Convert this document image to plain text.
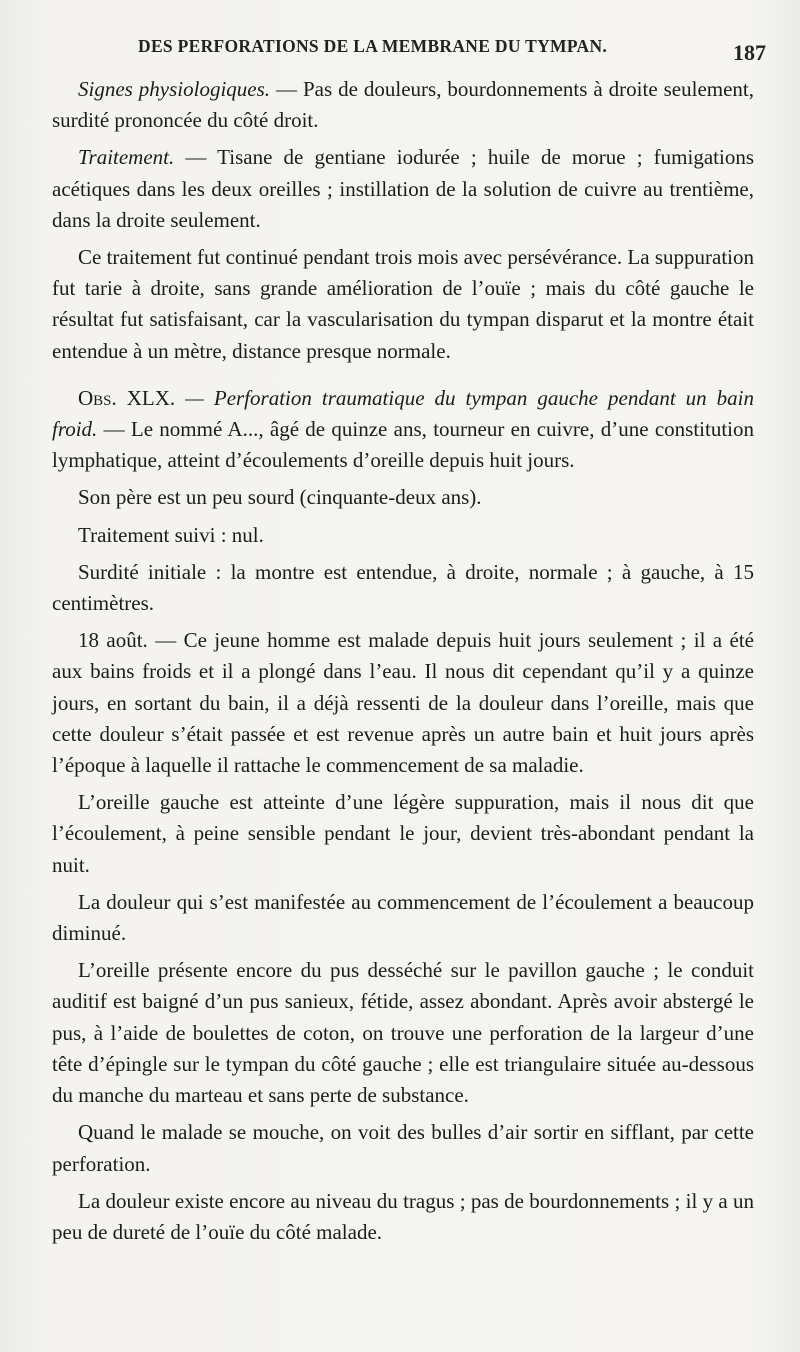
DES PERFORATIONS DE LA MEMBRANE DU TYMPAN.	187

Signes physiologiques. — Pas de douleurs, bourdonnements à droite seulement, surdité prononcée du côté droit.

Traitement. — Tisane de gentiane iodurée ; huile de morue ; fumigations acétiques dans les deux oreilles ; instillation de la solution de cuivre au trentième, dans la droite seulement.

Ce traitement fut continué pendant trois mois avec persévérance. La suppuration fut tarie à droite, sans grande amélioration de l’ouïe ; mais du côté gauche le résultat fut satisfaisant, car la vascularisation du tympan disparut et la montre était entendue à un mètre, distance presque normale.

Obs. XLX. — Perforation traumatique du tympan gauche pendant un bain froid. — Le nommé A..., âgé de quinze ans, tourneur en cuivre, d’une constitution lymphatique, atteint d’écoulements d’oreille depuis huit jours.

Son père est un peu sourd (cinquante-deux ans).

Traitement suivi : nul.

Surdité initiale : la montre est entendue, à droite, normale ; à gauche, à 15 centimètres.

18 août. — Ce jeune homme est malade depuis huit jours seulement ; il a été aux bains froids et il a plongé dans l’eau. Il nous dit cependant qu’il y a quinze jours, en sortant du bain, il a déjà ressenti de la douleur dans l’oreille, mais que cette douleur s’était passée et est revenue après un autre bain et huit jours après l’époque à laquelle il rattache le commencement de sa maladie.

L’oreille gauche est atteinte d’une légère suppuration, mais il nous dit que l’écoulement, à peine sensible pendant le jour, devient très-abondant pendant la nuit.

La douleur qui s’est manifestée au commencement de l’écoulement a beaucoup diminué.

L’oreille présente encore du pus desséché sur le pavillon gauche ; le conduit auditif est baigné d’un pus sanieux, fétide, assez abondant. Après avoir abstergé le pus, à l’aide de boulettes de coton, on trouve une perforation de la largeur d’une tête d’épingle sur le tympan du côté gauche ; elle est triangulaire située au-dessous du manche du marteau et sans perte de substance.

Quand le malade se mouche, on voit des bulles d’air sortir en sifflant, par cette perforation.

La douleur existe encore au niveau du tragus ; pas de bourdonnements ; il y a un peu de dureté de l’ouïe du côté malade.
